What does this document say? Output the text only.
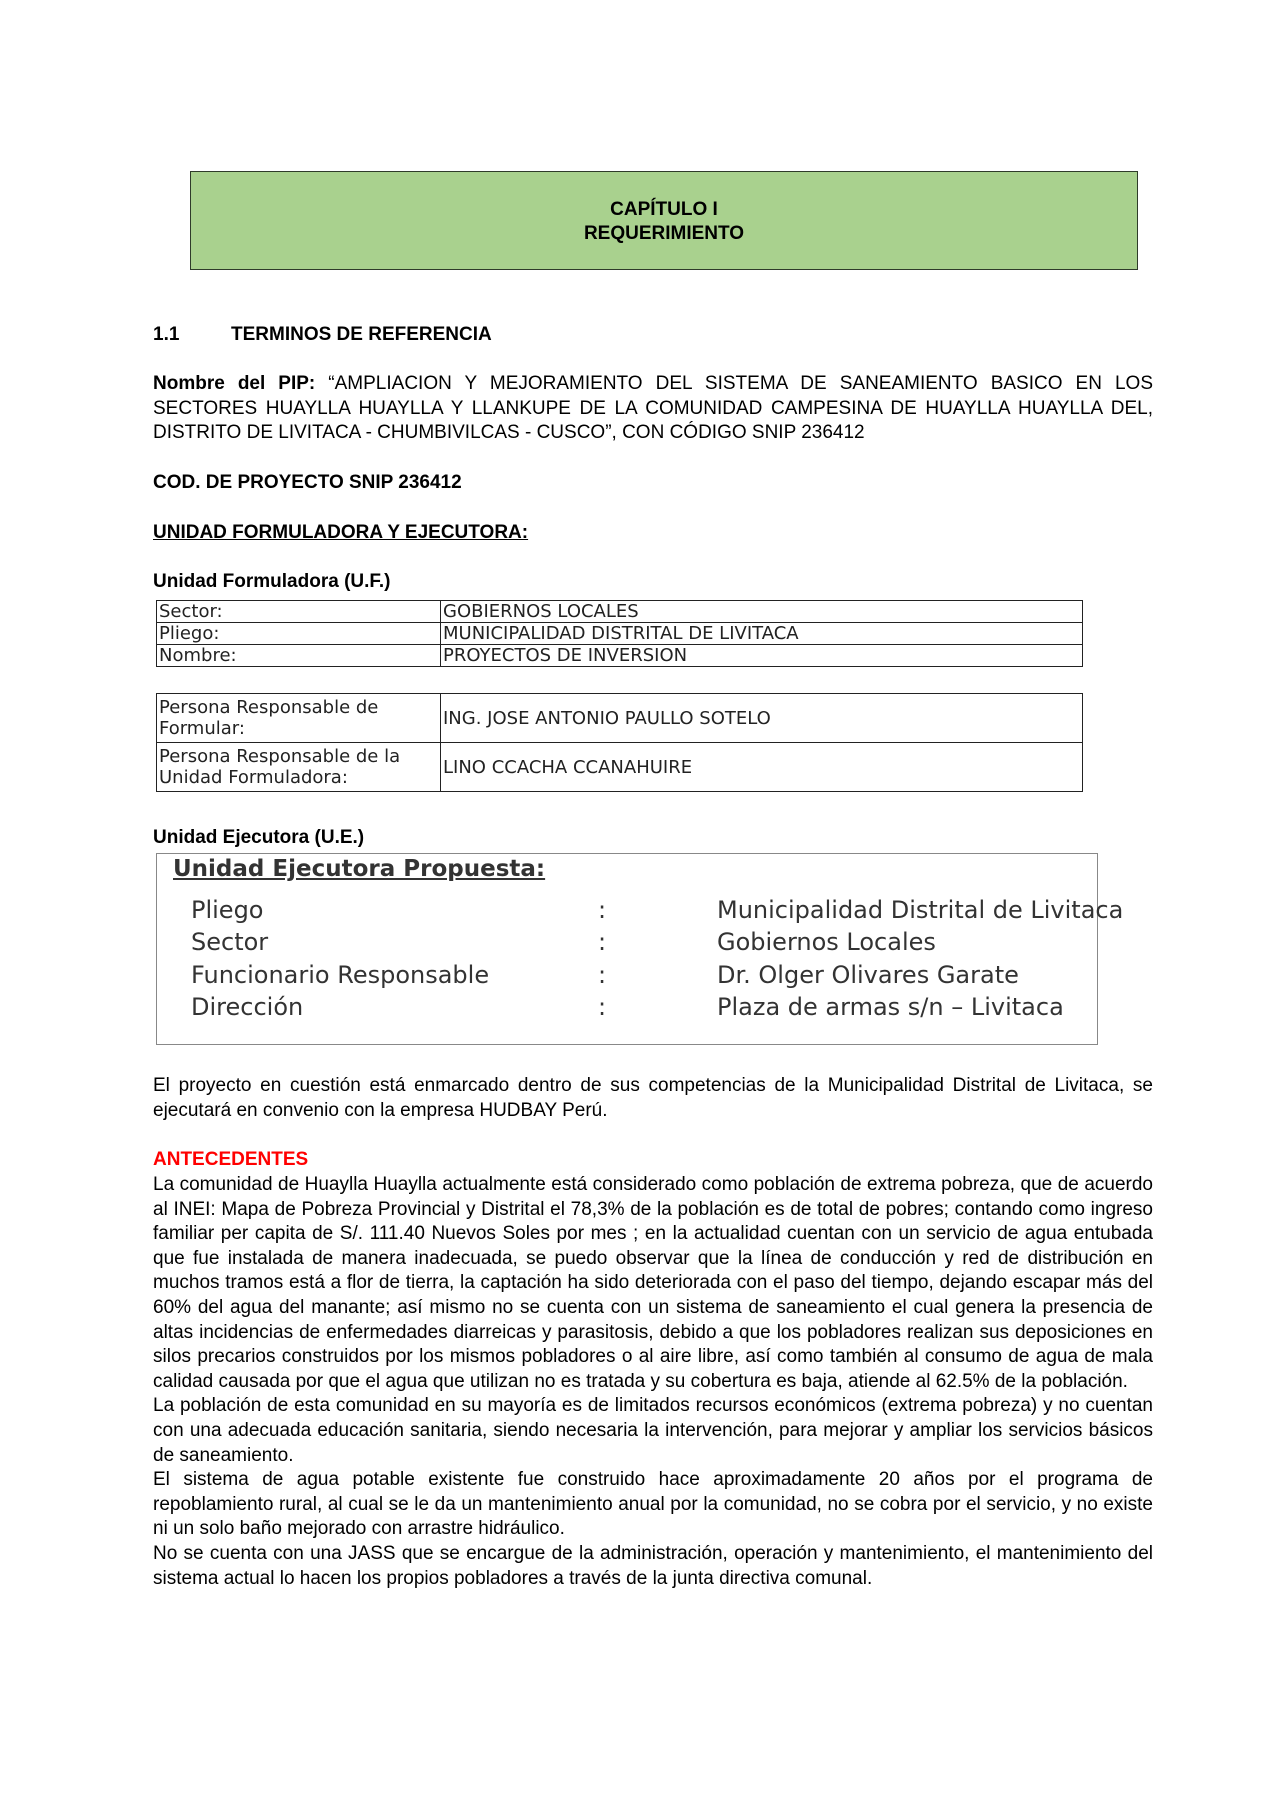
CAPÍTULO I
REQUERIMIENTO
1.1	TERMINOS DE REFERENCIA
Nombre del PIP: “AMPLIACION Y MEJORAMIENTO DEL SISTEMA DE SANEAMIENTO BASICO EN LOS SECTORES HUAYLLA HUAYLLA Y LLANKUPE DE LA COMUNIDAD CAMPESINA DE HUAYLLA HUAYLLA DEL, DISTRITO DE LIVITACA - CHUMBIVILCAS - CUSCO”, CON CÓDIGO SNIP 236412
COD. DE PROYECTO SNIP 236412
UNIDAD FORMULADORA Y EJECUTORA:
Unidad Formuladora (U.F.)
Sector:	GOBIERNOS LOCALES
Pliego:	MUNICIPALIDAD DISTRITAL DE LIVITACA
Nombre:	PROYECTOS DE INVERSION
Persona Responsable de
Formular:	ING. JOSE ANTONIO PAULLO SOTELO

Persona Responsable de la
Unidad Formuladora:	LINO CCACHA CCANAHUIRE
Unidad Ejecutora (U.E.)
Unidad Ejecutora Propuesta:
Pliego	:	Municipalidad Distrital de Livitaca
Sector	:	Gobiernos Locales
Funcionario Responsable	:	Dr. Olger Olivares Garate
Dirección	:	Plaza de armas s/n – Livitaca
El proyecto en cuestión está enmarcado dentro de sus competencias de la Municipalidad Distrital de Livitaca, se ejecutará en convenio con la empresa HUDBAY Perú.
ANTECEDENTES
La comunidad de Huaylla Huaylla actualmente está considerado como población de extrema pobreza, que de acuerdo al INEI: Mapa de Pobreza Provincial y Distrital el 78,3% de la población es de total de pobres; contando como ingreso familiar per capita de S/. 111.40 Nuevos Soles por mes ; en la actualidad cuentan con un servicio de agua entubada que fue instalada de manera inadecuada, se puedo observar que la línea de conducción y red de distribución en muchos tramos está a flor de tierra, la captación ha sido deteriorada con el paso del tiempo, dejando escapar más del 60% del agua del manante; así mismo no se cuenta con un sistema de saneamiento el cual genera la presencia de altas incidencias de enfermedades diarreicas y parasitosis, debido a que los pobladores realizan sus deposiciones en silos precarios construidos por los mismos pobladores o al aire libre, así como también al consumo de agua de mala calidad causada por que el agua que utilizan no es tratada y su cobertura es baja, atiende al 62.5% de la población.
La población de esta comunidad en su mayoría es de limitados recursos económicos (extrema pobreza) y no cuentan con una adecuada educación sanitaria, siendo necesaria la intervención, para mejorar y ampliar los servicios básicos de saneamiento.
El sistema de agua potable existente fue construido hace aproximadamente 20 años por el programa de repoblamiento rural, al cual se le da un mantenimiento anual por la comunidad, no se cobra por el servicio, y no existe ni un solo baño mejorado con arrastre hidráulico.
No se cuenta con una JASS que se encargue de la administración, operación y mantenimiento, el mantenimiento del sistema actual lo hacen los propios pobladores a través de la junta directiva comunal.
